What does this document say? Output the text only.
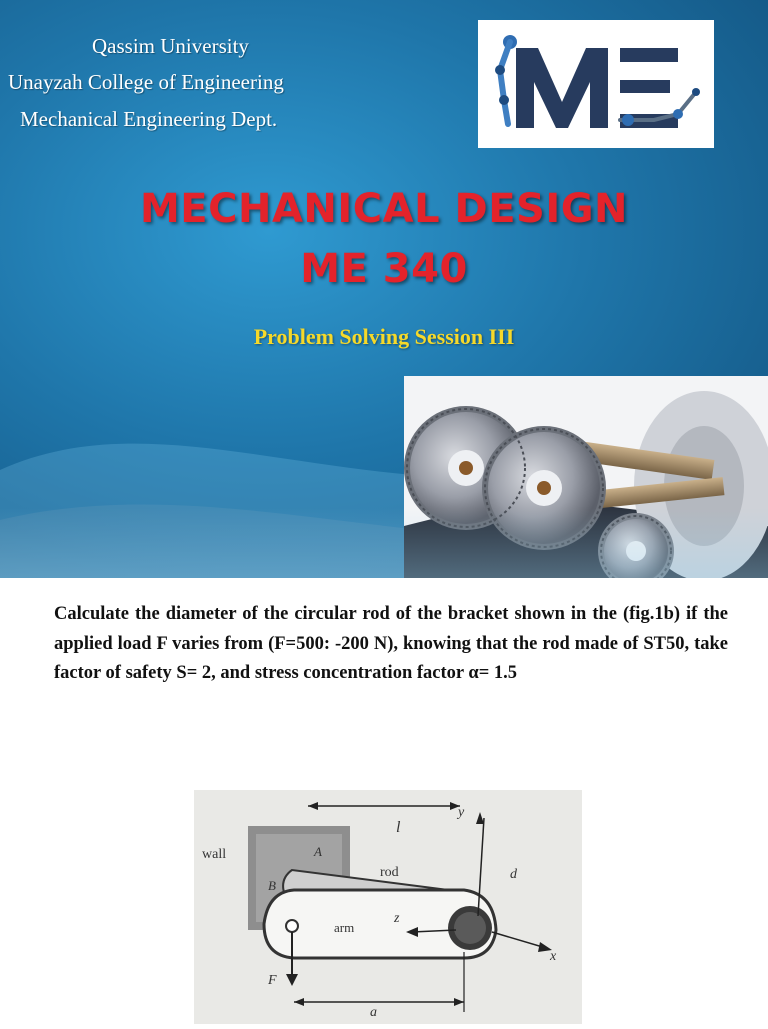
Qassim University
Unayzah College of Engineering
Mechanical Engineering Dept.
MECHANICAL DESIGN
ME 340
Problem Solving Session III
Calculate the diameter of the circular rod of the bracket shown in the (fig.1b) if the applied load F varies from (F=500: -200 N), knowing that the rod made of ST50, take factor of safety S= 2, and stress concentration factor α= 1.5
wall
rod
arm
A
B
l
y
d
z
x
F
a
